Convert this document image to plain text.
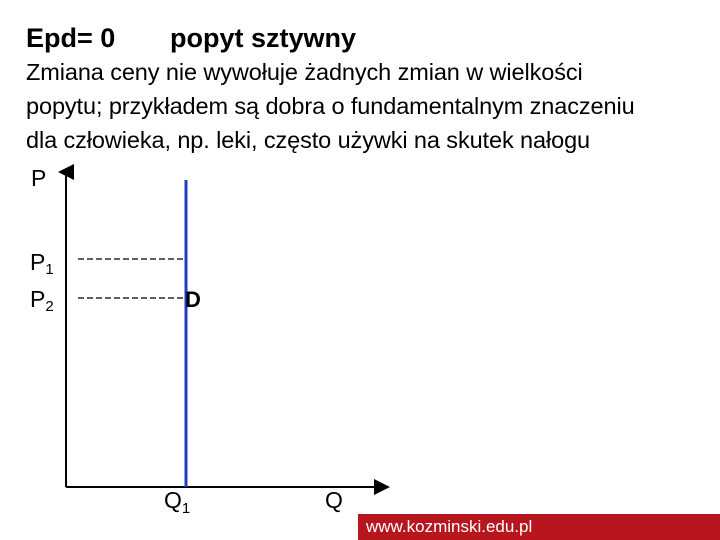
Epd= 0 popyt sztywny
Zmiana ceny nie wywołuje żadnych zmian w wielkości
popytu; przykładem są dobra o fundamentalnym znaczeniu
dla człowieka, np. leki, często używki na skutek nałogu
P
Q
P1
P2	D
$Q_1$
www.kozminski.edu.pl
